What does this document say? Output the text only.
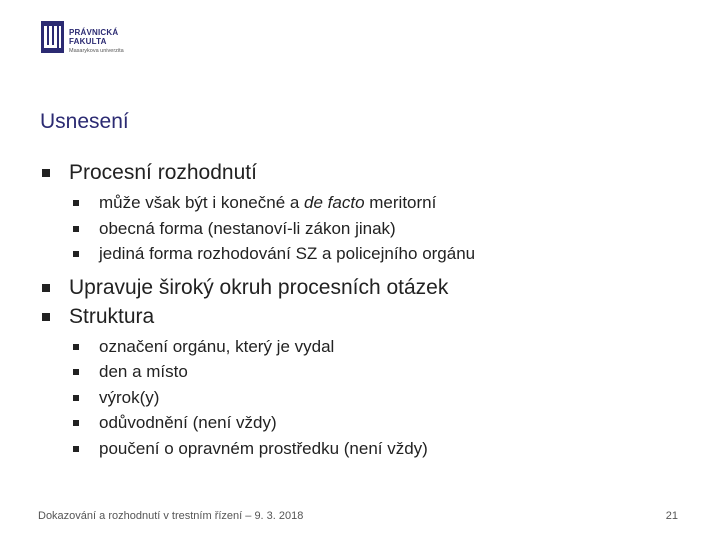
PRÁVNICKÁ
FAKULTA
Masarykova univerzita
Usnesení
Procesní rozhodnutí
může však být i konečné a de facto meritorní
obecná forma (nestanoví-li zákon jinak)
jediná forma rozhodování SZ a policejního orgánu
Upravuje široký okruh procesních otázek
Struktura
označení orgánu, který je vydal
den a místo
výrok(y)
odůvodnění (není vždy)
poučení o opravném prostředku (není vždy)
Dokazování a rozhodnutí v trestním řízení – 9. 3. 2018	21
